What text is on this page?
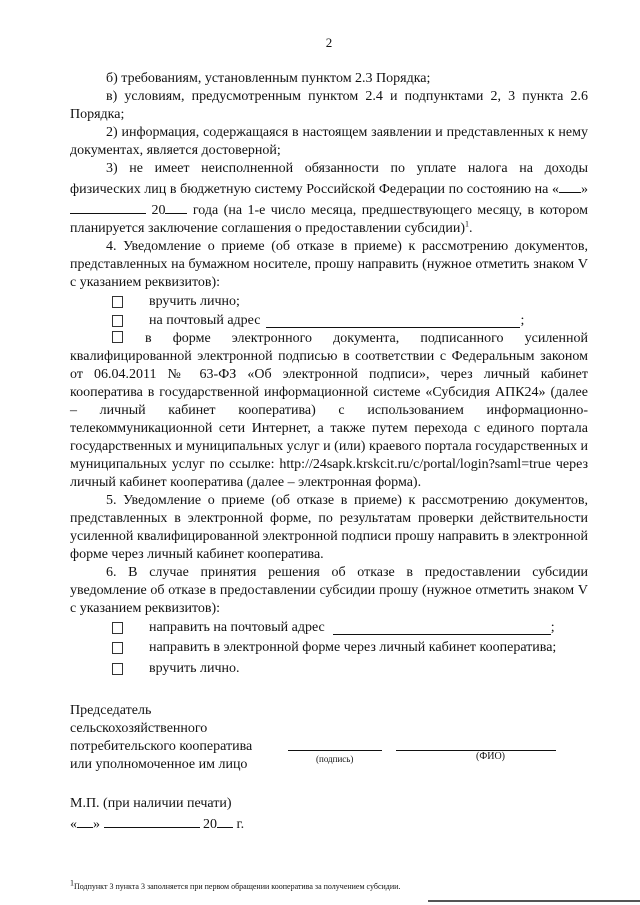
2

б) требованиям, установленным пунктом 2.3 Порядка;

в) условиям, предусмотренным пунктом 2.4 и подпунктами 2, 3 пункта 2.6 Порядка;

2) информация, содержащаяся в настоящем заявлении и представленных к нему документах, является достоверной;

3) не имеет неисполненной обязанности по уплате налога на доходы физических лиц в бюджетную систему Российской Федерации по состоянию на « »  20 года (на 1-е число месяца, предшествующего месяцу, в котором планируется заключение соглашения о предоставлении субсидии)$^1$.

4. Уведомление о приеме (об отказе в приеме) к рассмотрению документов, представленных на бумажном носителе, прошу направить (нужное отметить знаком V с указанием реквизитов):

вручить лично;
на почтовый адрес	;

в форме электронного документа, подписанного усиленной квалифицированной электронной подписью в соответствии с Федеральным законом от 06.04.2011 № 63-ФЗ «Об электронной подписи», через личный кабинет кооператива в государственной информационной системе «Субсидия АПК24» (далее – личный кабинет кооператива) с использованием информационно-телекоммуникационной сети Интернет, а также путем перехода с единого портала государственных и муниципальных услуг и (или) краевого портала государственных и муниципальных услуг по ссылке: http://24sapk.krskcit.ru/c/portal/login?saml=true через личный кабинет кооператива (далее – электронная форма).

5. Уведомление о приеме (об отказе в приеме) к рассмотрению документов, представленных в электронной форме, по результатам проверки действительности усиленной квалифицированной электронной подписи прошу направить в электронной форме через личный кабинет кооператива.

6. В случае принятия решения об отказе в предоставлении субсидии уведомление об отказе в предоставлении субсидии прошу (нужное отметить знаком V с указанием реквизитов):

направить на почтовый адрес	;
направить в электронной форме через личный кабинет кооператива;
вручить лично.
Председатель сельскохозяйственного
потребительского кооператива
или уполномоченное им лицо	(подпись)	(ФИО)
М.П. (при наличии печати)
« »	20 г.
$^1$Подпункт 3 пункта 3 заполняется при первом обращении кооператива за получением субсидии.
